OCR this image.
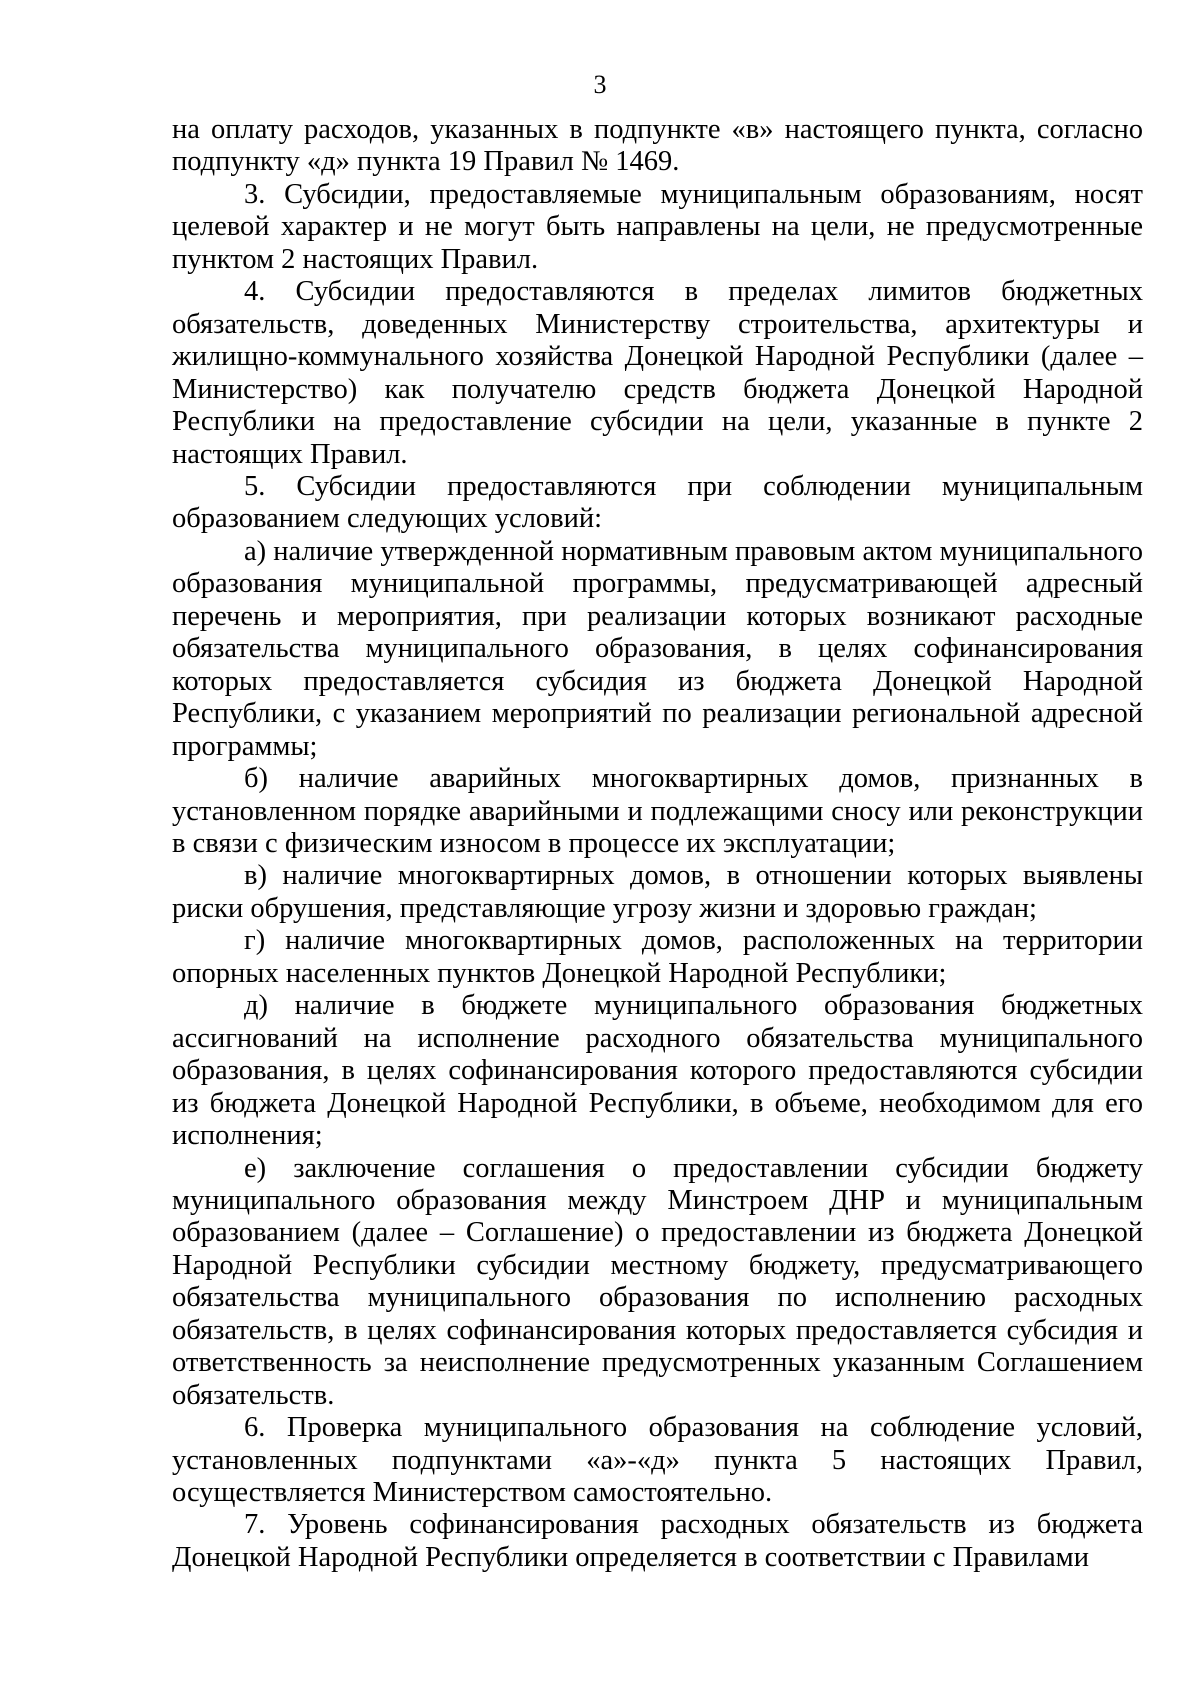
3

на оплату расходов, указанных в подпункте «в» настоящего пункта, согласно подпункту «д» пункта 19 Правил № 1469.

3. Субсидии, предоставляемые муниципальным образованиям, носят целевой характер и не могут быть направлены на цели, не предусмотренные пунктом 2 настоящих Правил.

4. Субсидии предоставляются в пределах лимитов бюджетных обязательств, доведенных Министерству строительства, архитектуры и жилищно-коммунального хозяйства Донецкой Народной Республики (далее – Министерство) как получателю средств бюджета Донецкой Народной Республики на предоставление субсидии на цели, указанные в пункте 2 настоящих Правил.

5. Субсидии предоставляются при соблюдении муниципальным образованием следующих условий:

а) наличие утвержденной нормативным правовым актом муниципального образования муниципальной программы, предусматривающей адресный перечень и мероприятия, при реализации которых возникают расходные обязательства муниципального образования, в целях софинансирования которых предоставляется субсидия из бюджета Донецкой Народной Республики, с указанием мероприятий по реализации региональной адресной программы;

б) наличие аварийных многоквартирных домов, признанных в установленном порядке аварийными и подлежащими сносу или реконструкции в связи с физическим износом в процессе их эксплуатации;

в) наличие многоквартирных домов, в отношении которых выявлены риски обрушения, представляющие угрозу жизни и здоровью граждан;

г) наличие многоквартирных домов, расположенных на территории опорных населенных пунктов Донецкой Народной Республики;

д) наличие в бюджете муниципального образования бюджетных ассигнований на исполнение расходного обязательства муниципального образования, в целях софинансирования которого предоставляются субсидии из бюджета Донецкой Народной Республики, в объеме, необходимом для его исполнения;

е) заключение соглашения о предоставлении субсидии бюджету муниципального образования между Минстроем ДНР и муниципальным образованием (далее – Соглашение) о предоставлении из бюджета Донецкой Народной Республики субсидии местному бюджету, предусматривающего обязательства муниципального образования по исполнению расходных обязательств, в целях софинансирования которых предоставляется субсидия и ответственность за неисполнение предусмотренных указанным Соглашением обязательств.

6. Проверка муниципального образования на соблюдение условий, установленных подпунктами «а»-«д» пункта 5 настоящих Правил, осуществляется Министерством самостоятельно.

7. Уровень софинансирования расходных обязательств из бюджета Донецкой Народной Республики определяется в соответствии с Правилами
